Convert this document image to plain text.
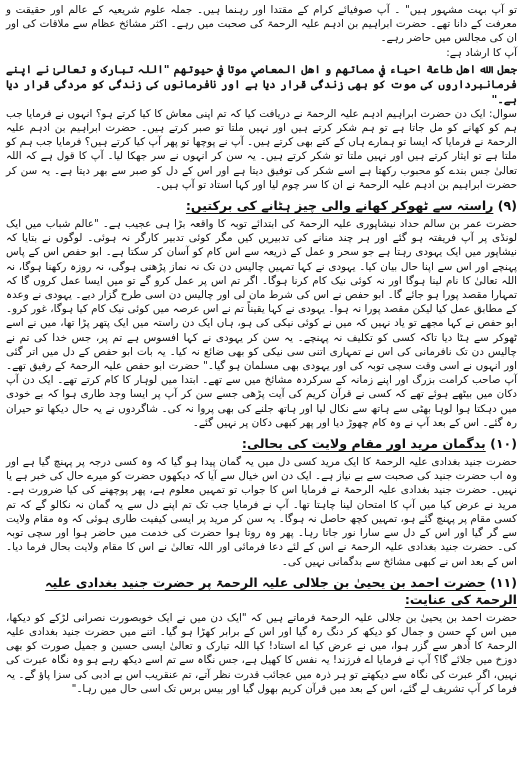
تو آپ بہت مشہور ہیں" ۔ آپ صوفیائے کرام کے مقتدا اور رہنما ہیں۔ جملہ علوم شریعیہ کے عالم اور حقیقت و معرفت کے دانا تھے۔ حضرت ابراہیم بن ادہم علیہ الرحمۃ کی صحبت میں رہے۔ اکثر مشائخ عظام سے ملاقات کی اور ان کی مجالس میں حاضر رہے۔

آپ کا ارشاد ہے:

جعل الله اهل طاعة احياء في مماتهم و اهل المعاصي موتا في حيوتهم "اللہ تبارک و تعالیٰ نے اپنے فرمانبرداروں کی موت کو بھی زندگی قرار دیا ہے اور نافرمانوں کی زندگی کو مردگی قرار دیا ہے۔"

سوال: ایک دن حضرت ابراہیم ادہم علیہ الرحمۃ نے دریافت کیا کہ تم اپنی معاش کا کیا کرتے ہو؟ انہوں نے فرمایا جب ہم کو کھانے کو مل جاتا ہے تو ہم شکر کرتے ہیں اور نہیں ملتا تو صبر کرتے ہیں۔ حضرت ابراہیم بن ادہم علیہ الرحمۃ نے فرمایا کہ ایسا تو ہمارے ہاں کے کتے بھی کرتے ہیں۔ آپ نے پوچھا تو پھر آپ کیا کرتے ہیں؟ فرمایا جب ہم کو ملتا ہے تو ایثار کرتے ہیں اور نہیں ملتا تو شکر کرتے ہیں۔ یہ سن کر انہوں نے سر جھکا لیا۔ آپ کا قول ہے کہ اللہ تعالیٰ جس بندے کو محبوب رکھتا ہے اسے شکر کی توفیق دیتا ہے اور اس کے دل کو صبر سے بھر دیتا ہے۔ یہ سن کر حضرت ابراہیم بن ادہم علیہ الرحمۃ نے ان کا سر چوم لیا اور کہا استاد تو آپ ہیں۔

(۹) راستہ سے ٹھوکر کھانے والی چیز ہٹانے کی برکتیں:

حضرت عمر بن سالم حداد نیشاپوری علیہ الرحمۃ کی ابتدائے توبہ کا واقعہ بڑا ہی عجیب ہے۔ "عالم شباب میں ایک لونڈی پر آپ فریفتہ ہو گئے اور ہر چند منانے کی تدبیریں کیں مگر کوئی تدبیر کارگر نہ ہوئی۔ لوگوں نے بتایا کہ نیشاپور میں ایک یہودی رہتا ہے جو سحر و عمل کے ذریعہ سے اس کام کو آسان کر سکتا ہے۔ ابو حفص اس کے پاس پہنچے اور اس سے اپنا حال بیان کیا۔ یہودی نے کہا تمہیں چالیس دن تک نہ نماز پڑھنی ہوگی، نہ روزہ رکھنا ہوگا، نہ اللہ تعالیٰ کا نام لینا ہوگا اور نہ کوئی نیک کام کرنا ہوگا۔ اگر تم اس پر عمل کرو گے تو میں ایسا عمل کروں گا کہ تمہارا مقصد پورا ہو جائے گا۔ ابو حفص نے اس کی شرط مان لی اور چالیس دن اسی طرح گزار دیے۔ یہودی نے وعدہ کے مطابق عمل کیا لیکن مقصد پورا نہ ہوا۔ یہودی نے کہا یقیناً تم نے اس عرصہ میں کوئی نیک کام کیا ہوگا، غور کرو۔ ابو حفص نے کہا مجھے تو یاد نہیں کہ میں نے کوئی نیکی کی ہو، ہاں ایک دن راستہ میں ایک پتھر پڑا تھا، میں نے اسے ٹھوکر سے ہٹا دیا تاکہ کسی کو تکلیف نہ پہنچے۔ یہ سن کر یہودی نے کہا افسوس ہے تم پر، جس خدا کی تم نے چالیس دن تک نافرمانی کی اس نے تمہاری اتنی سی نیکی کو بھی ضائع نہ کیا۔ یہ بات ابو حفص کے دل میں اتر گئی اور انہوں نے اسی وقت سچی توبہ کی اور یہودی بھی مسلمان ہو گیا۔" حضرت ابو حفص علیہ الرحمۃ کے رفیق تھے۔ آپ صاحب کرامت بزرگ اور اپنے زمانہ کے سرکردہ مشائخ میں سے تھے۔ ابتدا میں لوہار کا کام کرتے تھے۔ ایک دن آپ دکان میں بیٹھے ہوئے تھے کہ کسی نے قرآن کریم کی آیت پڑھی جسے سن کر آپ پر ایسا وجد طاری ہوا کہ بے خودی میں دہکتا ہوا لوہا بھٹی سے ہاتھ سے نکال لیا اور ہاتھ جلنے کی بھی پروا نہ کی۔ شاگردوں نے یہ حال دیکھا تو حیران رہ گئے۔ اس کے بعد آپ نے وہ کام چھوڑ دیا اور پھر کبھی دکان پر نہیں گئے۔

(۱۰) بدگمان مرید اور مقام ولایت کی بحالی:

حضرت جنید بغدادی علیہ الرحمۃ کا ایک مرید کسی دل میں یہ گمان پیدا ہو گیا کہ وہ کسی درجہ پر پہنچ گیا ہے اور وہ اب حضرت جنید کی صحبت سے بے نیاز ہے۔ ایک دن اس خیال سے آیا کہ دیکھوں حضرت کو میرے حال کی خبر ہے یا نہیں۔ حضرت جنید بغدادی علیہ الرحمۃ نے فرمایا اس کا جواب تو تمہیں معلوم ہے، پھر پوچھنے کی کیا ضرورت ہے۔ مرید نے عرض کیا میں آپ کا امتحان لینا چاہتا تھا۔ آپ نے فرمایا جب تک تم اپنے دل سے یہ گمان نہ نکالو گے کہ تم کسی مقام پر پہنچ گئے ہو، تمہیں کچھ حاصل نہ ہوگا۔ یہ سن کر مرید پر ایسی کیفیت طاری ہوئی کہ وہ مقام ولایت سے گر گیا اور اس کے دل سے سارا نور جاتا رہا۔ پھر وہ روتا ہوا حضرت کی خدمت میں حاضر ہوا اور سچی توبہ کی۔ حضرت جنید بغدادی علیہ الرحمۃ نے اس کے لئے دعا فرمائی اور اللہ تعالیٰ نے اس کا مقام ولایت بحال فرما دیا۔ اس کے بعد اس نے کبھی مشائخ سے بدگمانی نہیں کی۔

(۱۱) حضرت احمد بن یحییٰ بن جلالی علیہ الرحمۃ پر حضرت جنید بغدادی علیہ الرحمۃ کی عنایت:

حضرت احمد بن یحییٰ بن جلالی علیہ الرحمۃ فرماتے ہیں کہ "ایک دن میں نے ایک خوبصورت نصرانی لڑکے کو دیکھا، میں اس کے حسن و جمال کو دیکھ کر دنگ رہ گیا اور اس کے برابر کھڑا ہو گیا۔ اتنے میں حضرت جنید بغدادی علیہ الرحمۃ کا اُدھر سے گزر ہوا، میں نے عرض کیا اے استاد! کیا اللہ تبارک و تعالیٰ ایسی حسین و جمیل صورت کو بھی دوزخ میں جلائے گا؟ آپ نے فرمایا اے فرزند! یہ نفس کا کھیل ہے، جس نگاہ سے تم اسے دیکھ رہے ہو وہ نگاہ عبرت کی نہیں، اگر عبرت کی نگاہ سے دیکھتے تو ہر ذرہ میں عجائب قدرت نظر آتے، تم عنقریب اس بے ادبی کی سزا پاؤ گے۔ یہ فرما کر آپ تشریف لے گئے، اس کے بعد میں قرآن کریم بھول گیا اور بیس برس تک اسی حال میں رہا۔"
